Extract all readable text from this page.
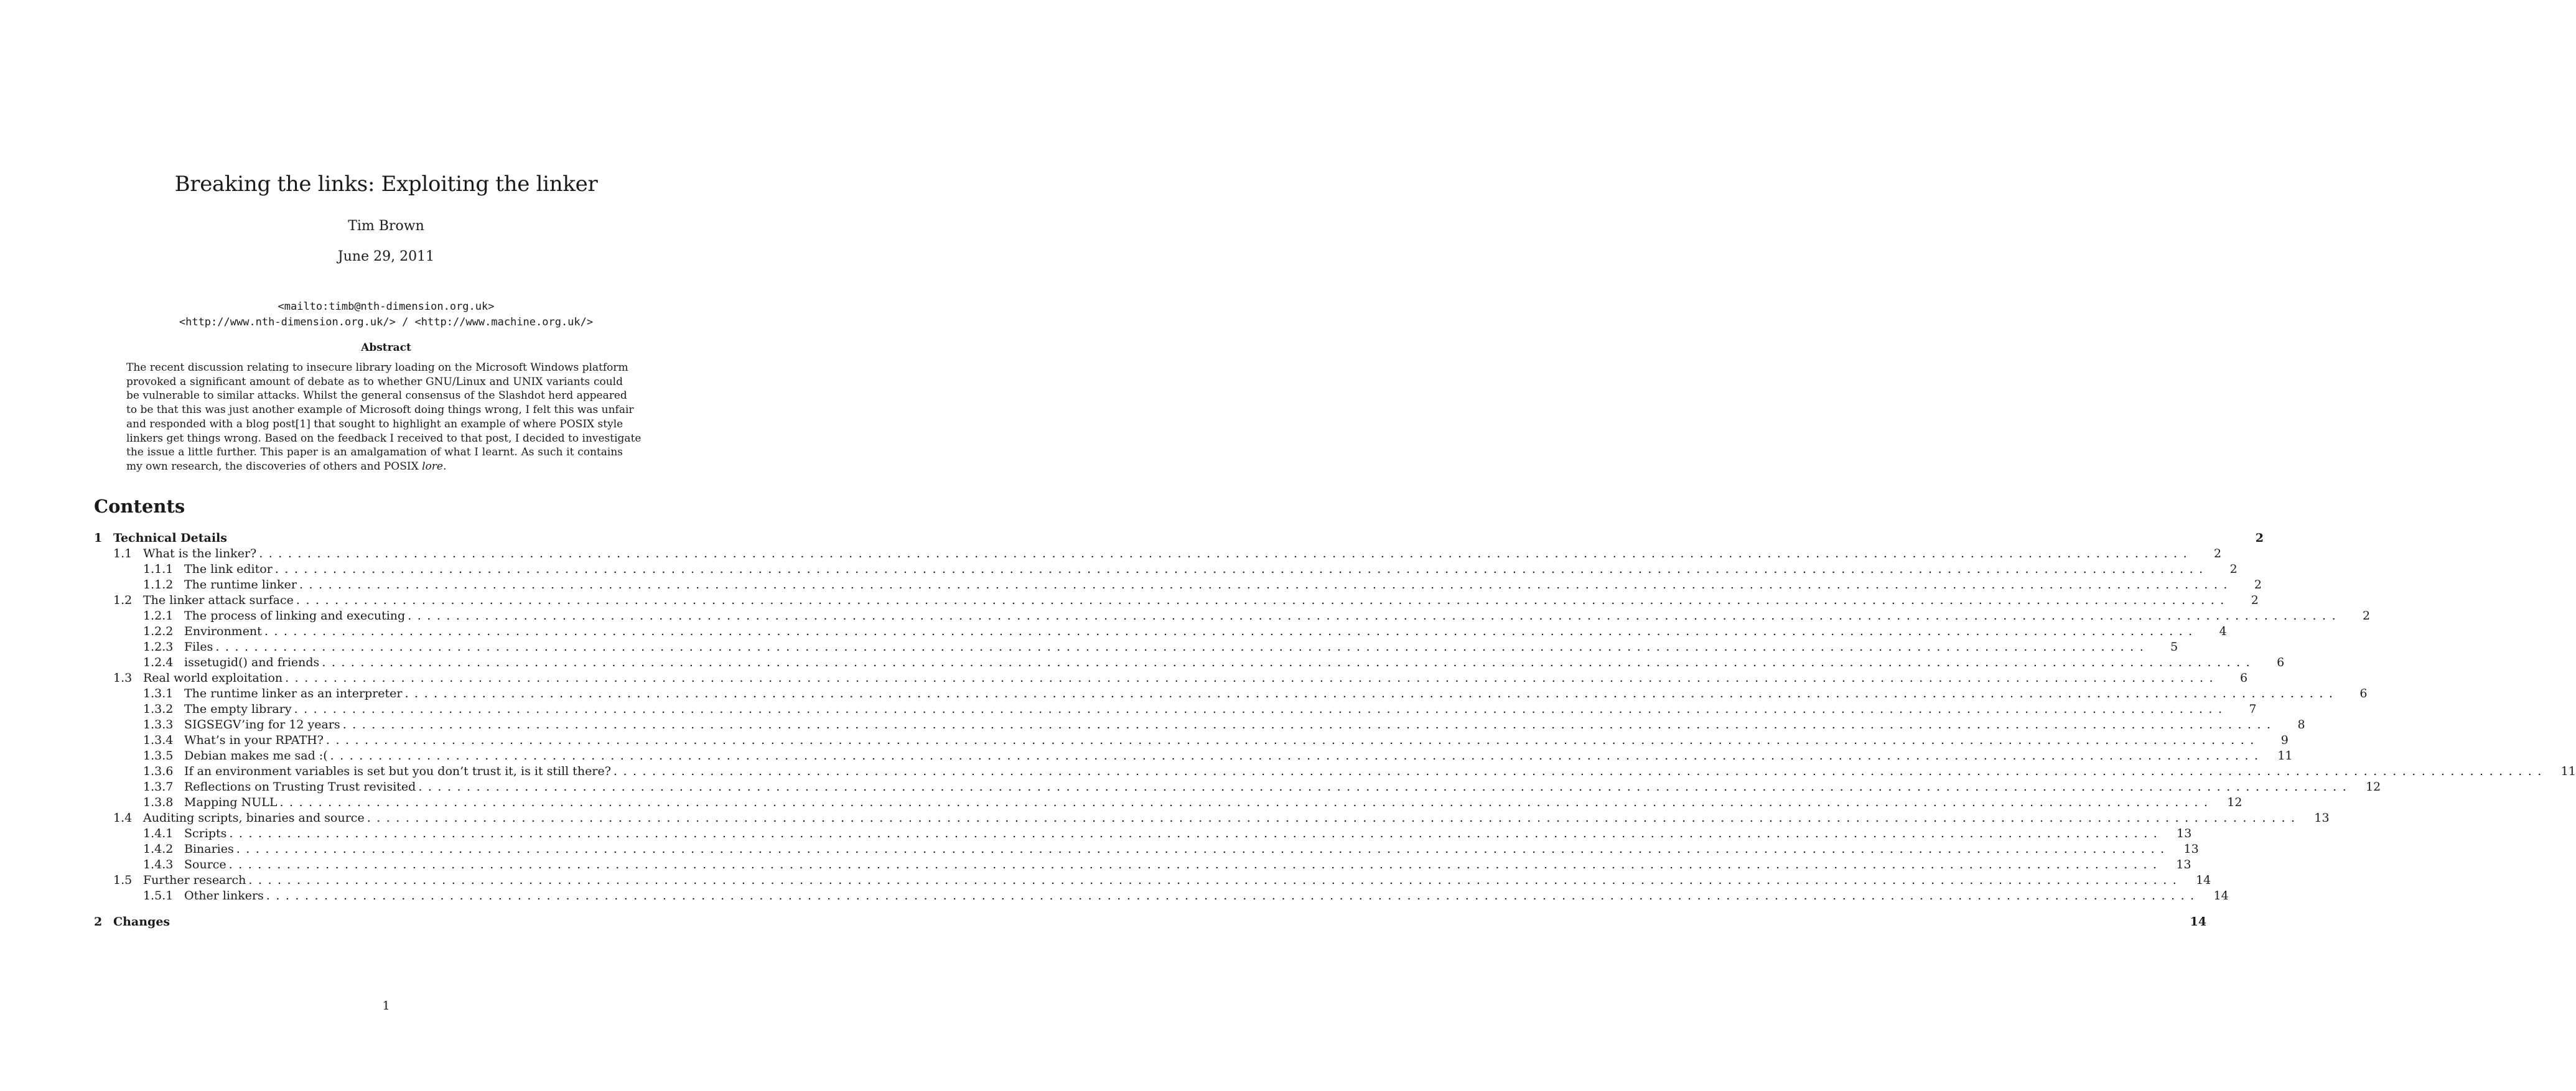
Breaking the links: Exploiting the linker
Tim Brown
June 29, 2011
<mailto:timb@nth-dimension.org.uk>
<http://www.nth-dimension.org.uk/> / <http://www.machine.org.uk/>
Abstract
The recent discussion relating to insecure library loading on the Microsoft Windows platform
provoked a significant amount of debate as to whether GNU/Linux and UNIX variants could
be vulnerable to similar attacks. Whilst the general consensus of the Slashdot herd appeared
to be that this was just another example of Microsoft doing things wrong, I felt this was unfair
and responded with a blog post[1] that sought to highlight an example of where POSIX style
linkers get things wrong. Based on the feedback I received to that post, I decided to investigate
the issue a little further. This paper is an amalgamation of what I learnt. As such it contains
my own research, the discoveries of others and POSIX lore.
Contents
1 Technical Details	2
1.1 What is the linker? ........................................................................................................................................................................................................	2
1.1.1 The link editor ........................................................................................................................................................................................................	2
1.1.2 The runtime linker ........................................................................................................................................................................................................	2
1.2 The linker attack surface ........................................................................................................................................................................................................	2
1.2.1 The process of linking and executing ........................................................................................................................................................................................................	2
1.2.2 Environment ........................................................................................................................................................................................................	4
1.2.3 Files ........................................................................................................................................................................................................	5
1.2.4 issetugid() and friends ........................................................................................................................................................................................................	6
1.3 Real world exploitation ........................................................................................................................................................................................................	6
1.3.1 The runtime linker as an interpreter ........................................................................................................................................................................................................	6
1.3.2 The empty library ........................................................................................................................................................................................................	7
1.3.3 SIGSEGV’ing for 12 years ........................................................................................................................................................................................................	8
1.3.4 What’s in your RPATH? ........................................................................................................................................................................................................	9
1.3.5 Debian makes me sad :( ........................................................................................................................................................................................................	11
1.3.6 If an environment variables is set but you don’t trust it, is it still there? ........................................................................................................................................................................................................	11
1.3.7 Reflections on Trusting Trust revisited ........................................................................................................................................................................................................	12
1.3.8 Mapping NULL ........................................................................................................................................................................................................	12
1.4 Auditing scripts, binaries and source ........................................................................................................................................................................................................	13
1.4.1 Scripts ........................................................................................................................................................................................................	13
1.4.2 Binaries ........................................................................................................................................................................................................	13
1.4.3 Source ........................................................................................................................................................................................................	13
1.5 Further research ........................................................................................................................................................................................................	14
1.5.1 Other linkers ........................................................................................................................................................................................................	14
2 Changes	14
1
